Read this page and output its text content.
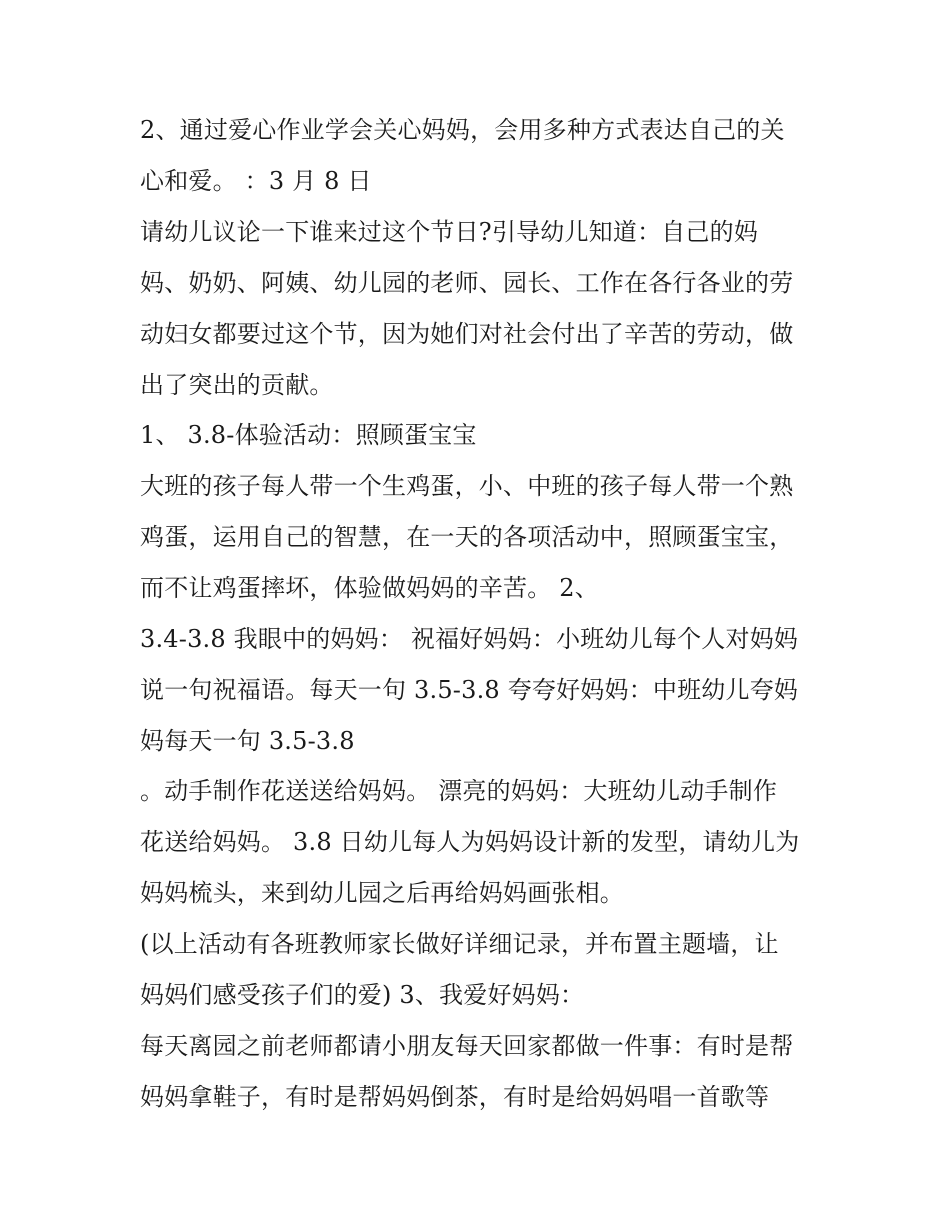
2、通过爱心作业学会关心妈妈，会用多种方式表达自己的关
心和爱。 ：3 月 8 日
请幼儿议论一下谁来过这个节日?引导幼儿知道：自己的妈
妈、奶奶、阿姨、幼儿园的老师、园长、工作在各行各业的劳
动妇女都要过这个节，因为她们对社会付出了辛苦的劳动，做
出了突出的贡献。
1、 3.8-体验活动：照顾蛋宝宝
大班的孩子每人带一个生鸡蛋，小、中班的孩子每人带一个熟
鸡蛋，运用自己的智慧，在一天的各项活动中，照顾蛋宝宝，
而不让鸡蛋摔坏，体验做妈妈的辛苦。 2、
3.4-3.8 我眼中的妈妈： 祝福好妈妈：小班幼儿每个人对妈妈
说一句祝福语。每天一句 3.5-3.8 夸夸好妈妈：中班幼儿夸妈
妈每天一句 3.5-3.8
。动手制作花送送给妈妈。 漂亮的妈妈：大班幼儿动手制作
花送给妈妈。 3.8 日幼儿每人为妈妈设计新的发型，请幼儿为
妈妈梳头，来到幼儿园之后再给妈妈画张相。
(以上活动有各班教师家长做好详细记录，并布置主题墙，让
妈妈们感受孩子们的爱) 3、我爱好妈妈：
每天离园之前老师都请小朋友每天回家都做一件事：有时是帮
妈妈拿鞋子，有时是帮妈妈倒茶，有时是给妈妈唱一首歌等
